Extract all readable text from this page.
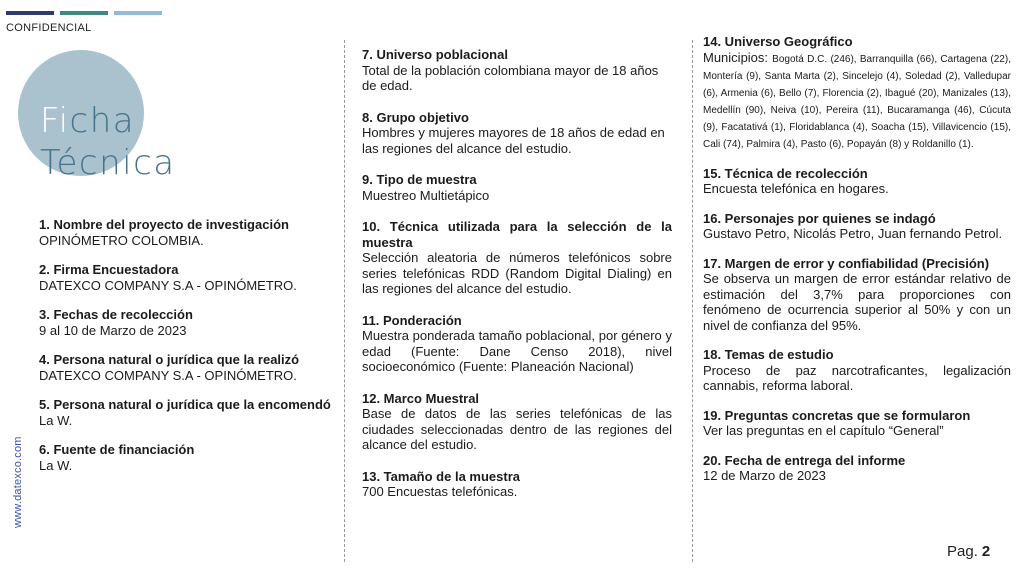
CONFIDENCIAL
Ficha
Técnica
www.datexco.com
1. Nombre del proyecto de investigación
OPINÓMETRO COLOMBIA.
2. Firma Encuestadora
DATEXCO COMPANY S.A - OPINÓMETRO.
3. Fechas de recolección
9 al 10 de Marzo de 2023
4. Persona natural o jurídica que la realizó
DATEXCO COMPANY S.A - OPINÓMETRO.
5. Persona natural o jurídica que la encomendó
La W.
6. Fuente de financiación
La W.
7. Universo poblacional
Total de la población colombiana mayor de 18 años de edad.
8. Grupo objetivo
Hombres y mujeres mayores de 18 años de edad en las regiones del alcance del estudio.
9. Tipo de muestra
Muestreo Multietápico
10. Técnica utilizada para la selección de la muestra
Selección aleatoria de números telefónicos sobre series telefónicas RDD (Random Digital Dialing) en las regiones del alcance del estudio.
11. Ponderación
Muestra ponderada tamaño poblacional, por género y edad (Fuente: Dane Censo 2018), nivel socioeconómico (Fuente: Planeación Nacional)
12. Marco Muestral
Base de datos de las series telefónicas de las ciudades seleccionadas dentro de las regiones del alcance del estudio.
13. Tamaño de la muestra
700 Encuestas telefónicas.
14. Universo Geográfico
Municipios: Bogotá D.C. (246), Barranquilla (66), Cartagena (22), Montería (9), Santa Marta (2), Sincelejo (4), Soledad (2), Valledupar (6), Armenia (6), Bello (7), Florencia (2), Ibagué (20), Manizales (13), Medellín (90), Neiva (10), Pereira (11), Bucaramanga (46), Cúcuta (9), Facatativá (1), Floridablanca (4), Soacha (15), Villavicencio (15), Cali (74), Palmira (4), Pasto (6), Popayán (8) y Roldanillo (1).
15. Técnica de recolección
Encuesta telefónica en hogares.
16. Personajes por quienes se indagó
Gustavo Petro, Nicolás Petro, Juan fernando Petrol.
17. Margen de error y confiabilidad (Precisión)
Se observa un margen de error estándar relativo de estimación del 3,7% para proporciones con fenómeno de ocurrencia superior al 50% y con un nivel de confianza del 95%.
18. Temas de estudio
Proceso de paz narcotraficantes, legalización cannabis, reforma laboral.
19. Preguntas concretas que se formularon
Ver las preguntas en el capítulo “General”
20. Fecha de entrega del informe
12 de Marzo de 2023
Pag. 2
